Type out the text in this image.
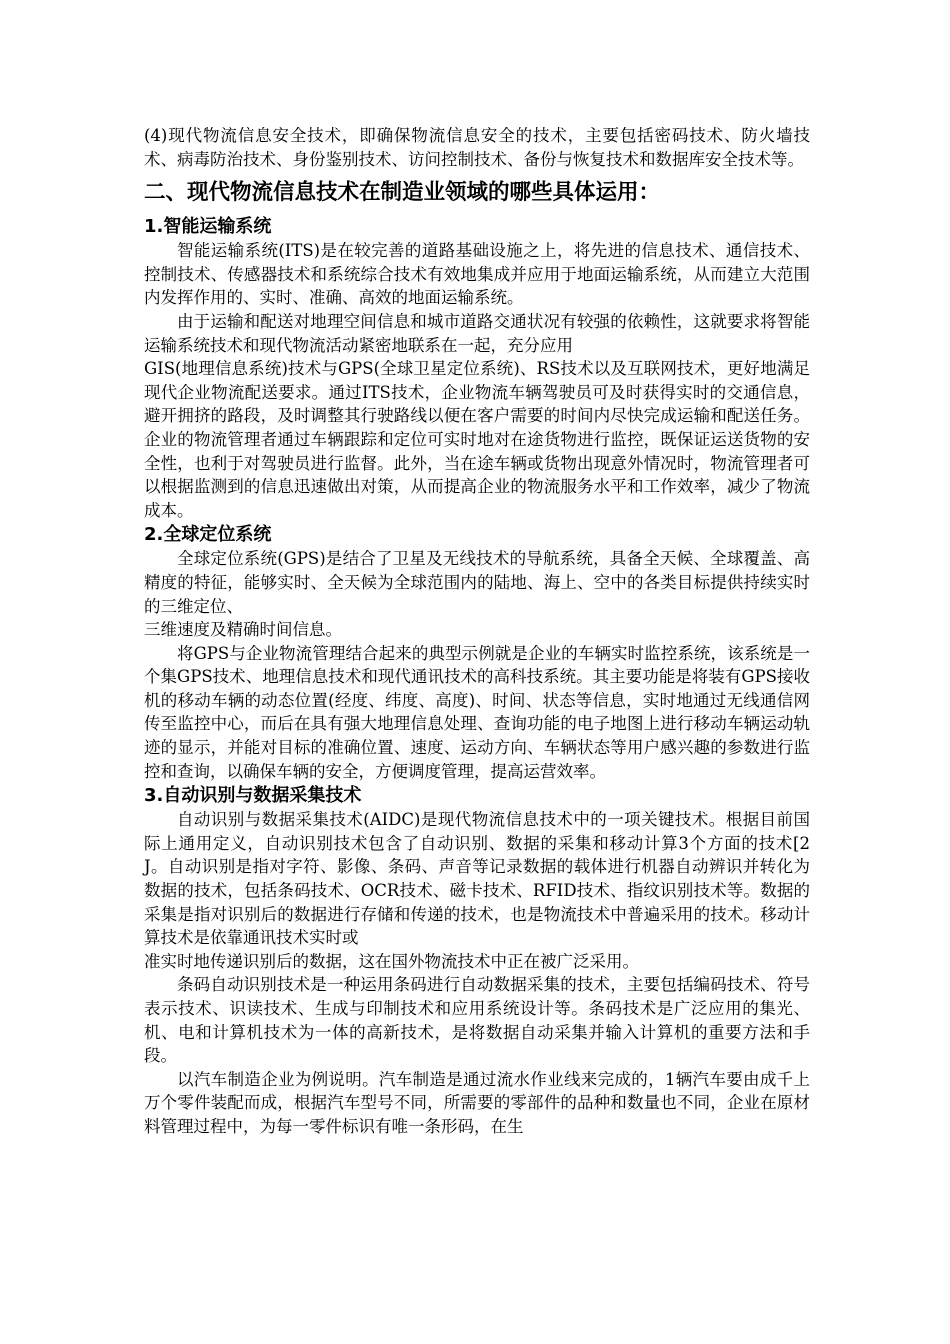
(4)现代物流信息安全技术，即确保物流信息安全的技术，主要包括密码技术、防火墙技术、病毒防治技术、身份鉴别技术、访问控制技术、备份与恢复技术和数据库安全技术等。

二、现代物流信息技术在制造业领域的哪些具体运用：
1.智能运输系统

智能运输系统(ITS)是在较完善的道路基础设施之上，将先进的信息技术、通信技术、控制技术、传感器技术和系统综合技术有效地集成并应用于地面运输系统，从而建立大范围内发挥作用的、实时、准确、高效的地面运输系统。

由于运输和配送对地理空间信息和城市道路交通状况有较强的依赖性，这就要求将智能运输系统技术和现代物流活动紧密地联系在一起，充分应用

GIS(地理信息系统)技术与GPS(全球卫星定位系统)、RS技术以及互联网技术，更好地满足现代企业物流配送要求。通过ITS技术，企业物流车辆驾驶员可及时获得实时的交通信息，避开拥挤的路段，及时调整其行驶路线以便在客户需要的时间内尽快完成运输和配送任务。企业的物流管理者通过车辆跟踪和定位可实时地对在途货物进行监控，既保证运送货物的安全性，也利于对驾驶员进行监督。此外，当在途车辆或货物出现意外情况时，物流管理者可以根据监测到的信息迅速做出对策，从而提高企业的物流服务水平和工作效率，减少了物流成本。

2.全球定位系统

全球定位系统(GPS)是结合了卫星及无线技术的导航系统，具备全天候、全球覆盖、高精度的特征，能够实时、全天候为全球范围内的陆地、海上、空中的各类目标提供持续实时的三维定位、

三维速度及精确时间信息。

将GPS与企业物流管理结合起来的典型示例就是企业的车辆实时监控系统，该系统是一个集GPS技术、地理信息技术和现代通讯技术的高科技系统。其主要功能是将装有GPS接收机的移动车辆的动态位置(经度、纬度、高度)、时间、状态等信息，实时地通过无线通信网传至监控中心，而后在具有强大地理信息处理、查询功能的电子地图上进行移动车辆运动轨迹的显示，并能对目标的准确位置、速度、运动方向、车辆状态等用户感兴趣的参数进行监控和查询，以确保车辆的安全，方便调度管理，提高运营效率。

3.自动识别与数据采集技术

自动识别与数据采集技术(AIDC)是现代物流信息技术中的一项关键技术。根据目前国际上通用定义，自动识别技术包含了自动识别、数据的采集和移动计算3个方面的技术[2 J。自动识别是指对字符、影像、条码、声音等记录数据的载体进行机器自动辨识并转化为数据的技术，包括条码技术、OCR技术、磁卡技术、RFID技术、指纹识别技术等。数据的采集是指对识别后的数据进行存储和传递的技术，也是物流技术中普遍采用的技术。移动计算技术是依靠通讯技术实时或

准实时地传递识别后的数据，这在国外物流技术中正在被广泛采用。

条码自动识别技术是一种运用条码进行自动数据采集的技术，主要包括编码技术、符号表示技术、识读技术、生成与印制技术和应用系统设计等。条码技术是广泛应用的集光、机、电和计算机技术为一体的高新技术，是将数据自动采集并输入计算机的重要方法和手段。

以汽车制造企业为例说明。汽车制造是通过流水作业线来完成的，1辆汽车要由成千上万个零件装配而成，根据汽车型号不同，所需要的零部件的品种和数量也不同，企业在原材料管理过程中，为每一零件标识有唯一条形码，在生
